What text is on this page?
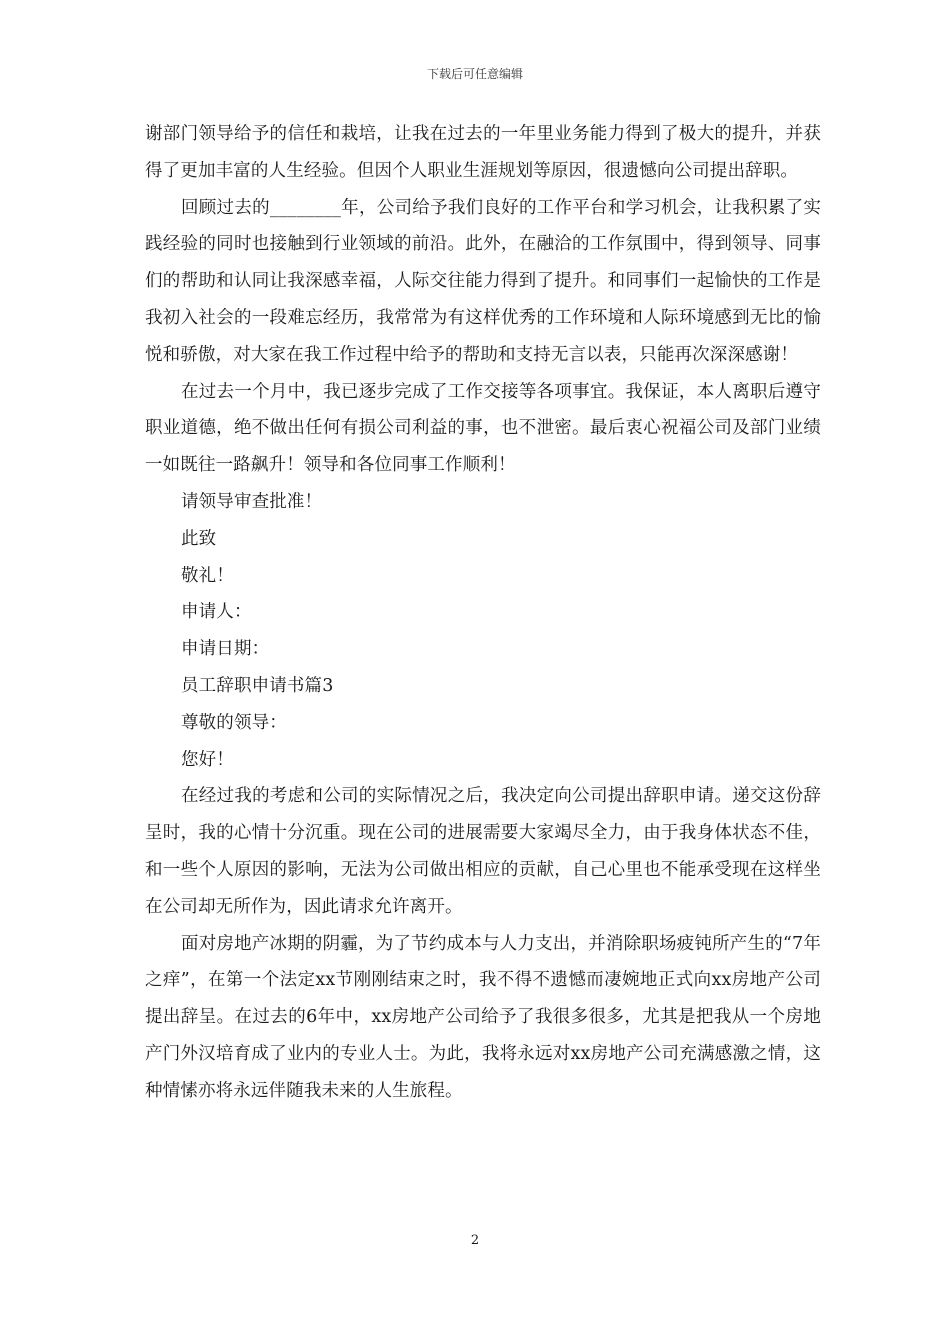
下载后可任意编辑

谢部门领导给予的信任和栽培，让我在过去的一年里业务能力得到了极大的提升，并获得了更加丰富的人生经验。但因个人职业生涯规划等原因，很遗憾向公司提出辞职。

回顾过去的________年，公司给予我们良好的工作平台和学习机会，让我积累了实践经验的同时也接触到行业领域的前沿。此外，在融洽的工作氛围中，得到领导、同事们的帮助和认同让我深感幸福，人际交往能力得到了提升。和同事们一起愉快的工作是我初入社会的一段难忘经历，我常常为有这样优秀的工作环境和人际环境感到无比的愉悦和骄傲，对大家在我工作过程中给予的帮助和支持无言以表，只能再次深深感谢！

在过去一个月中，我已逐步完成了工作交接等各项事宜。我保证，本人离职后遵守职业道德，绝不做出任何有损公司利益的事，也不泄密。最后衷心祝福公司及部门业绩一如既往一路飙升！领导和各位同事工作顺利！

请领导审查批准！

此致

敬礼！

申请人：

申请日期：

员工辞职申请书篇3

尊敬的领导：

您好！

在经过我的考虑和公司的实际情况之后，我决定向公司提出辞职申请。递交这份辞呈时，我的心情十分沉重。现在公司的进展需要大家竭尽全力，由于我身体状态不佳，和一些个人原因的影响，无法为公司做出相应的贡献，自己心里也不能承受现在这样坐在公司却无所作为，因此请求允许离开。

面对房地产冰期的阴霾，为了节约成本与人力支出，并消除职场疲钝所产生的“7年之痒”，在第一个法定xx节刚刚结束之时，我不得不遗憾而凄婉地正式向xx房地产公司提出辞呈。在过去的6年中，xx房地产公司给予了我很多很多，尤其是把我从一个房地产门外汉培育成了业内的专业人士。为此，我将永远对xx房地产公司充满感激之情，这种情愫亦将永远伴随我未来的人生旅程。

2
